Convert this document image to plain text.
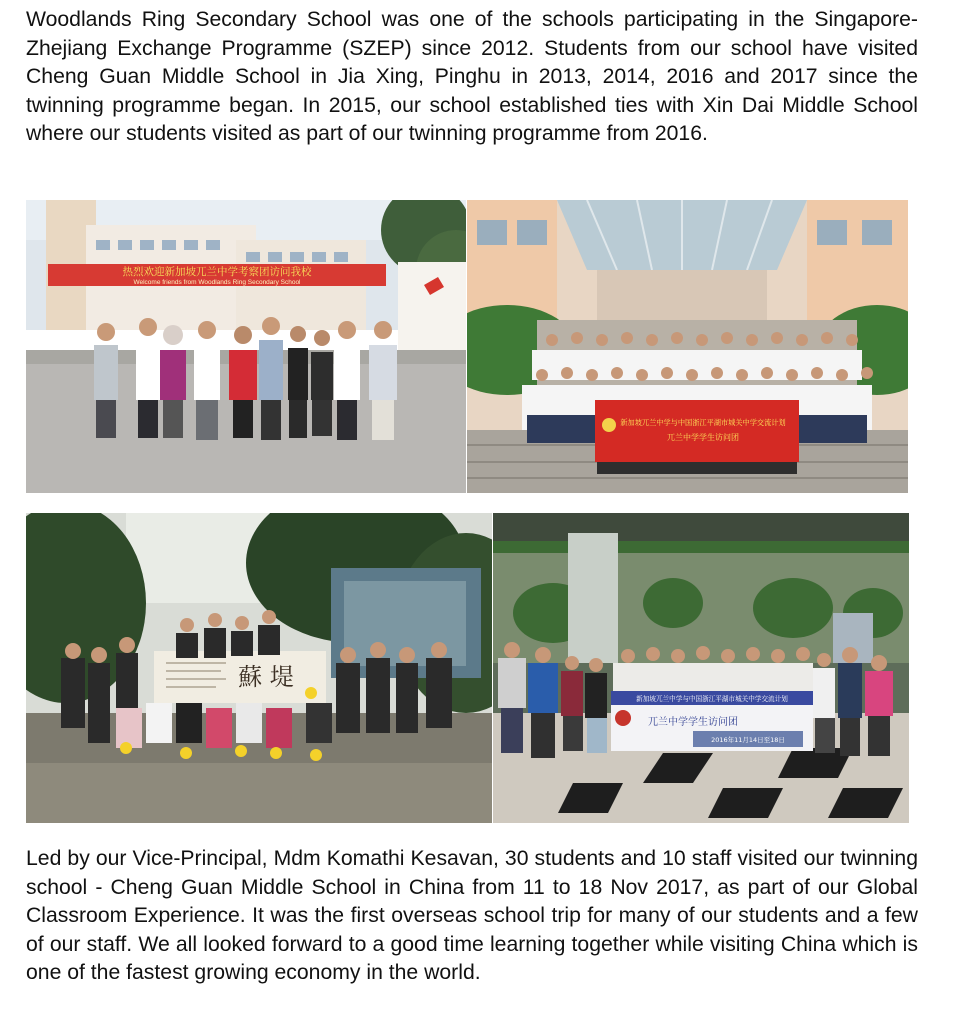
Woodlands Ring Secondary School was one of the schools participating in the Singapore-Zhejiang Exchange Programme (SZEP) since 2012. Students from our school have visited Cheng Guan Middle School in Jia Xing, Pinghu in 2013, 2014, 2016 and 2017 since the twinning programme began. In 2015, our school established ties with Xin Dai Middle School where our students visited as part of our twinning programme from 2016.

热烈欢迎新加坡兀兰中学考察团访问我校
Welcome friends from Woodlands Ring Secondary School
新加坡兀兰中学与中国浙江平湖市城关中学交流计划
兀兰中学学生访问团
蘇 堤
新加坡兀兰中学与中国浙江平湖市城关中学交流计划
兀兰中学学生访问团
2016年11月14日至18日

Led by our Vice-Principal, Mdm Komathi Kesavan, 30 students and 10 staff visited our twinning school - Cheng Guan Middle School in China from 11 to 18 Nov 2017, as part of our Global Classroom Experience. It was the first overseas school trip for many of our students and a few of our staff. We all looked forward to a good time learning together while visiting China which is one of the fastest growing economy in the world.
